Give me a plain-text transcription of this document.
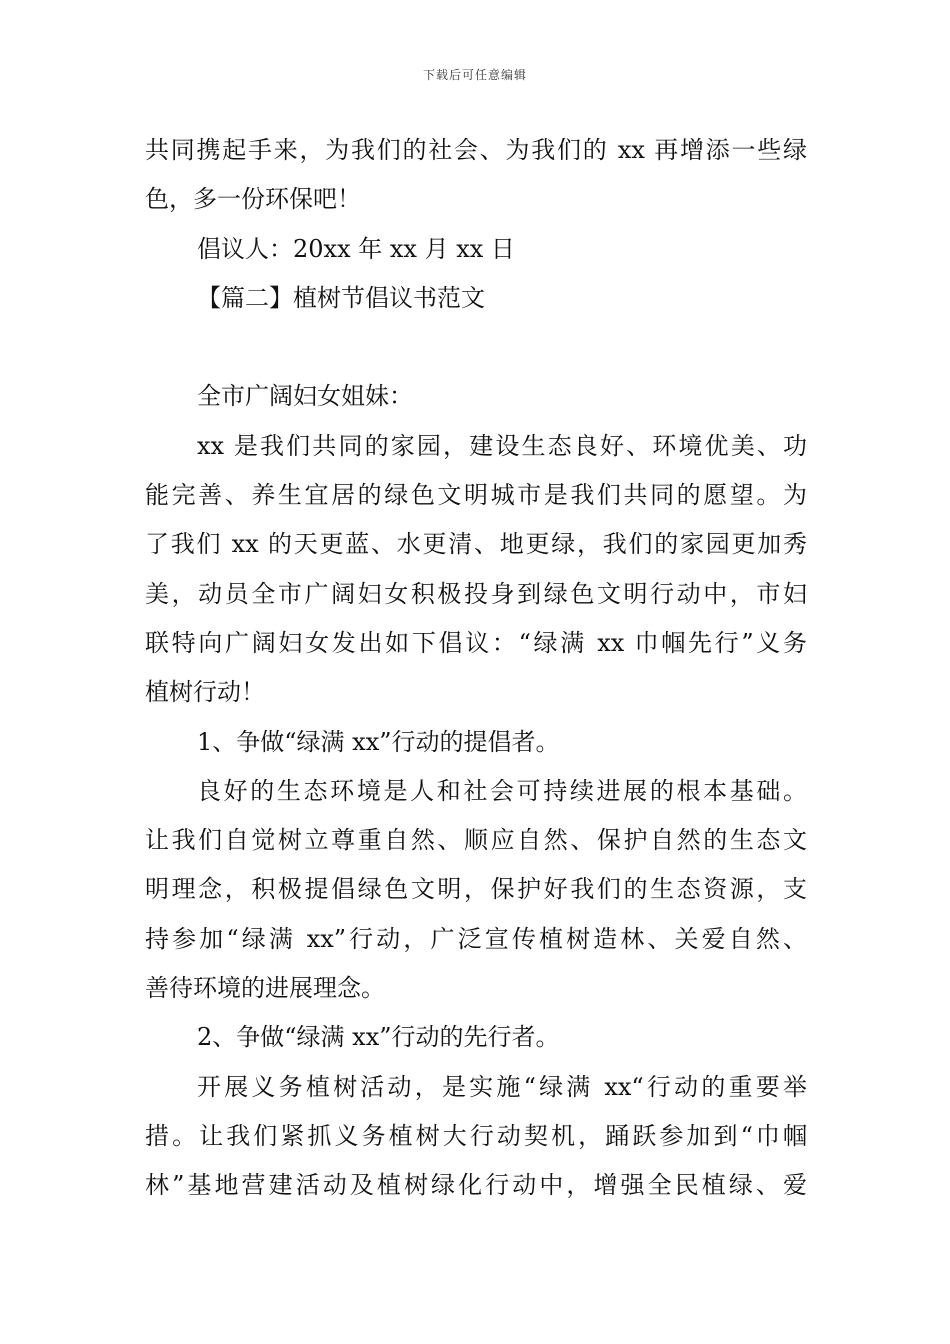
下载后可任意编辑
共同携起手来，为我们的社会、为我们的 xx 再增添一些绿
色，多一份环保吧！
倡议人：20xx 年 xx 月 xx 日
【篇二】植树节倡议书范文
全市广阔妇女姐妹：
xx 是我们共同的家园，建设生态良好、环境优美、功
能完善、养生宜居的绿色文明城市是我们共同的愿望。为
了我们 xx 的天更蓝、水更清、地更绿，我们的家园更加秀
美，动员全市广阔妇女积极投身到绿色文明行动中，市妇
联特向广阔妇女发出如下倡议：“绿满 xx 巾帼先行”义务
植树行动！
1、争做“绿满 xx”行动的提倡者。
良好的生态环境是人和社会可持续进展的根本基础。
让我们自觉树立尊重自然、顺应自然、保护自然的生态文
明理念，积极提倡绿色文明，保护好我们的生态资源，支
持参加“绿满 xx”行动，广泛宣传植树造林、关爱自然、
善待环境的进展理念。
2、争做“绿满 xx”行动的先行者。
开展义务植树活动，是实施“绿满 xx“行动的重要举
措。让我们紧抓义务植树大行动契机，踊跃参加到“巾帼
林”基地营建活动及植树绿化行动中，增强全民植绿、爱
